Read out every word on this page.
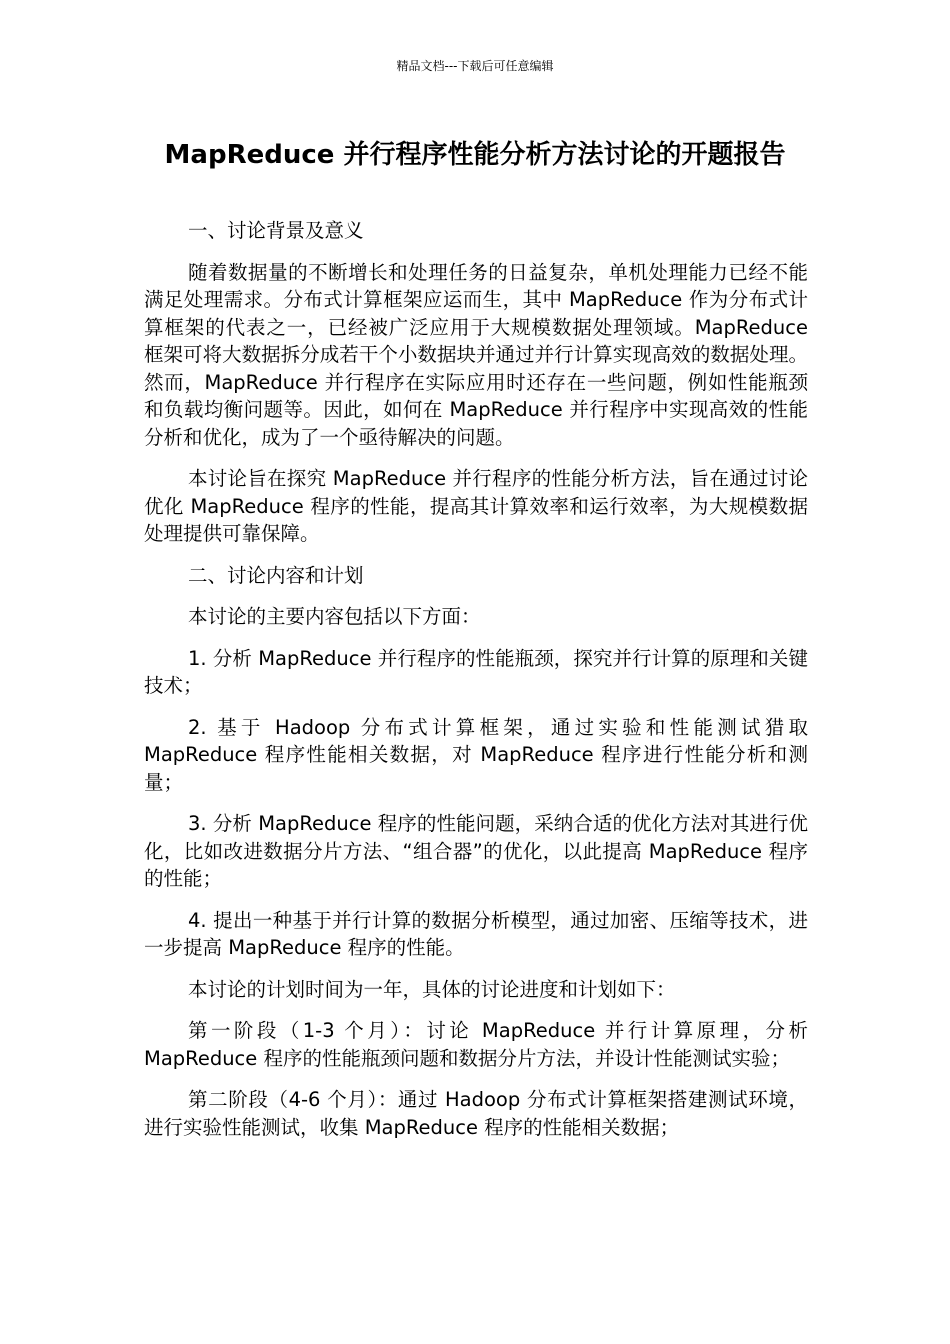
精品文档---下载后可任意编辑
MapReduce 并行程序性能分析方法讨论的开题报告

一、讨论背景及意义

随着数据量的不断增长和处理任务的日益复杂，单机处理能力已经不能满足处理需求。分布式计算框架应运而生，其中 MapReduce 作为分布式计算框架的代表之一，已经被广泛应用于大规模数据处理领域。MapReduce 框架可将大数据拆分成若干个小数据块并通过并行计算实现高效的数据处理。然而，MapReduce 并行程序在实际应用时还存在一些问题，例如性能瓶颈和负载均衡问题等。因此，如何在 MapReduce 并行程序中实现高效的性能分析和优化，成为了一个亟待解决的问题。

本讨论旨在探究 MapReduce 并行程序的性能分析方法，旨在通过讨论优化 MapReduce 程序的性能，提高其计算效率和运行效率，为大规模数据处理提供可靠保障。

二、讨论内容和计划

本讨论的主要内容包括以下方面：

1. 分析 MapReduce 并行程序的性能瓶颈，探究并行计算的原理和关键技术；

2. 基于 Hadoop 分布式计算框架，通过实验和性能测试猎取 MapReduce 程序性能相关数据，对 MapReduce 程序进行性能分析和测量；

3. 分析 MapReduce 程序的性能问题，采纳合适的优化方法对其进行优化，比如改进数据分片方法、“组合器”的优化，以此提高 MapReduce 程序的性能；

4. 提出一种基于并行计算的数据分析模型，通过加密、压缩等技术，进一步提高 MapReduce 程序的性能。

本讨论的计划时间为一年，具体的讨论进度和计划如下：

第一阶段（1-3 个月）：讨论 MapReduce 并行计算原理，分析 MapReduce 程序的性能瓶颈问题和数据分片方法，并设计性能测试实验；

第二阶段（4-6 个月）：通过 Hadoop 分布式计算框架搭建测试环境，进行实验性能测试，收集 MapReduce 程序的性能相关数据；
